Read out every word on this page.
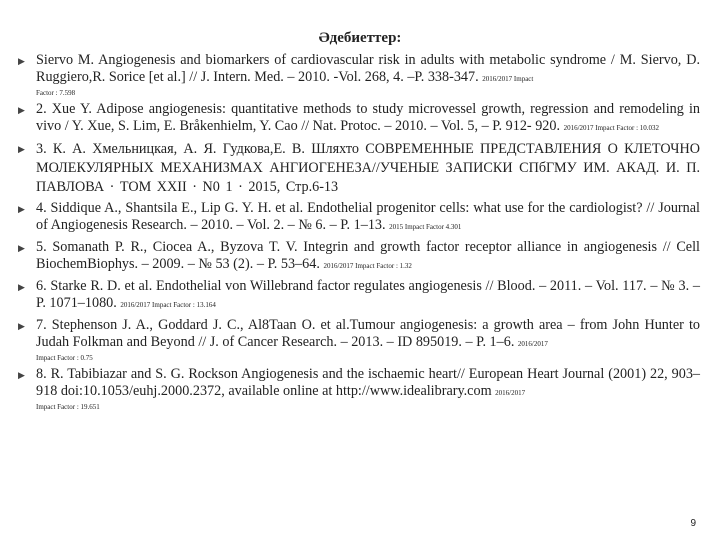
Әдебиеттер:
▶ Siervo M. Angiogenesis and biomarkers of cardiovascular risk in adults with metabolic syndrome / M. Siervo, D. Ruggiero,R. Sorice [et al.] // J. Intern. Med. – 2010. -Vol. 268, 4. –P. 338-347. 2016/2017 Impact

Factor : 7.598

▶ 2. Xue Y. Adipose angiogenesis: quantitative methods to study microvessel growth, regression and remodeling in vivo / Y. Xue, S. Lim, E. Bråkenhielm, Y. Cao // Nat. Protoc. – 2010. – Vol. 5, – P. 912- 920. 2016/2017 Impact Factor : 10.032

▶ 3. К. А. Хмельницкая, А. Я. Гудкова,Е. В. Шляхто СОВРЕМЕННЫЕ ПРЕДСТАВЛЕНИЯ О КЛЕТОЧНО МОЛЕКУЛЯРНЫХ МЕХАНИЗМАХ АНГИОГЕНЕЗА//УЧЕНЫЕ ЗАПИСКИ СПбГМУ ИМ. АКАД. И. П. ПАВЛОВА · ТОМ XXII · N0 1 · 2015, Стр.6-13

▶ 4. Siddique A., Shantsila E., Lip G. Y. H. et al. Endothelial progenitor cells: what use for the cardiologist? // Journal of Angiogenesis Research. – 2010. – Vol. 2. – № 6. – P. 1–13. 2015 Impact Factor 4.301

▶ 5. Somanath P. R., Ciocea A., Byzova T. V. Integrin and growth factor receptor alliance in angiogenesis // Cell BiochemBiophys. – 2009. – № 53 (2). – P. 53–64. 2016/2017 Impact Factor : 1.32

▶ 6. Starke R. D. et al. Endothelial von Willebrand factor regulates angiogenesis // Blood. – 2011. – Vol. 117. – № 3. – P. 1071–1080. 2016/2017 Impact Factor : 13.164

▶ 7. Stephenson J. A., Goddard J. C., Al8Taan O. et al.Tumour angiogenesis: a growth area – from John Hunter to Judah Folkman and Beyond // J. of Cancer Research. – 2013. – ID 895019. – P. 1–6. 2016/2017

Impact Factor : 0.75

▶ 8. R. Tabibiazar and S. G. Rockson Angiogenesis and the ischaemic heart// European Heart Journal (2001) 22, 903–918 doi:10.1053/euhj.2000.2372, available online at http://www.idealibrary.com 2016/2017

Impact Factor : 19.651

9
